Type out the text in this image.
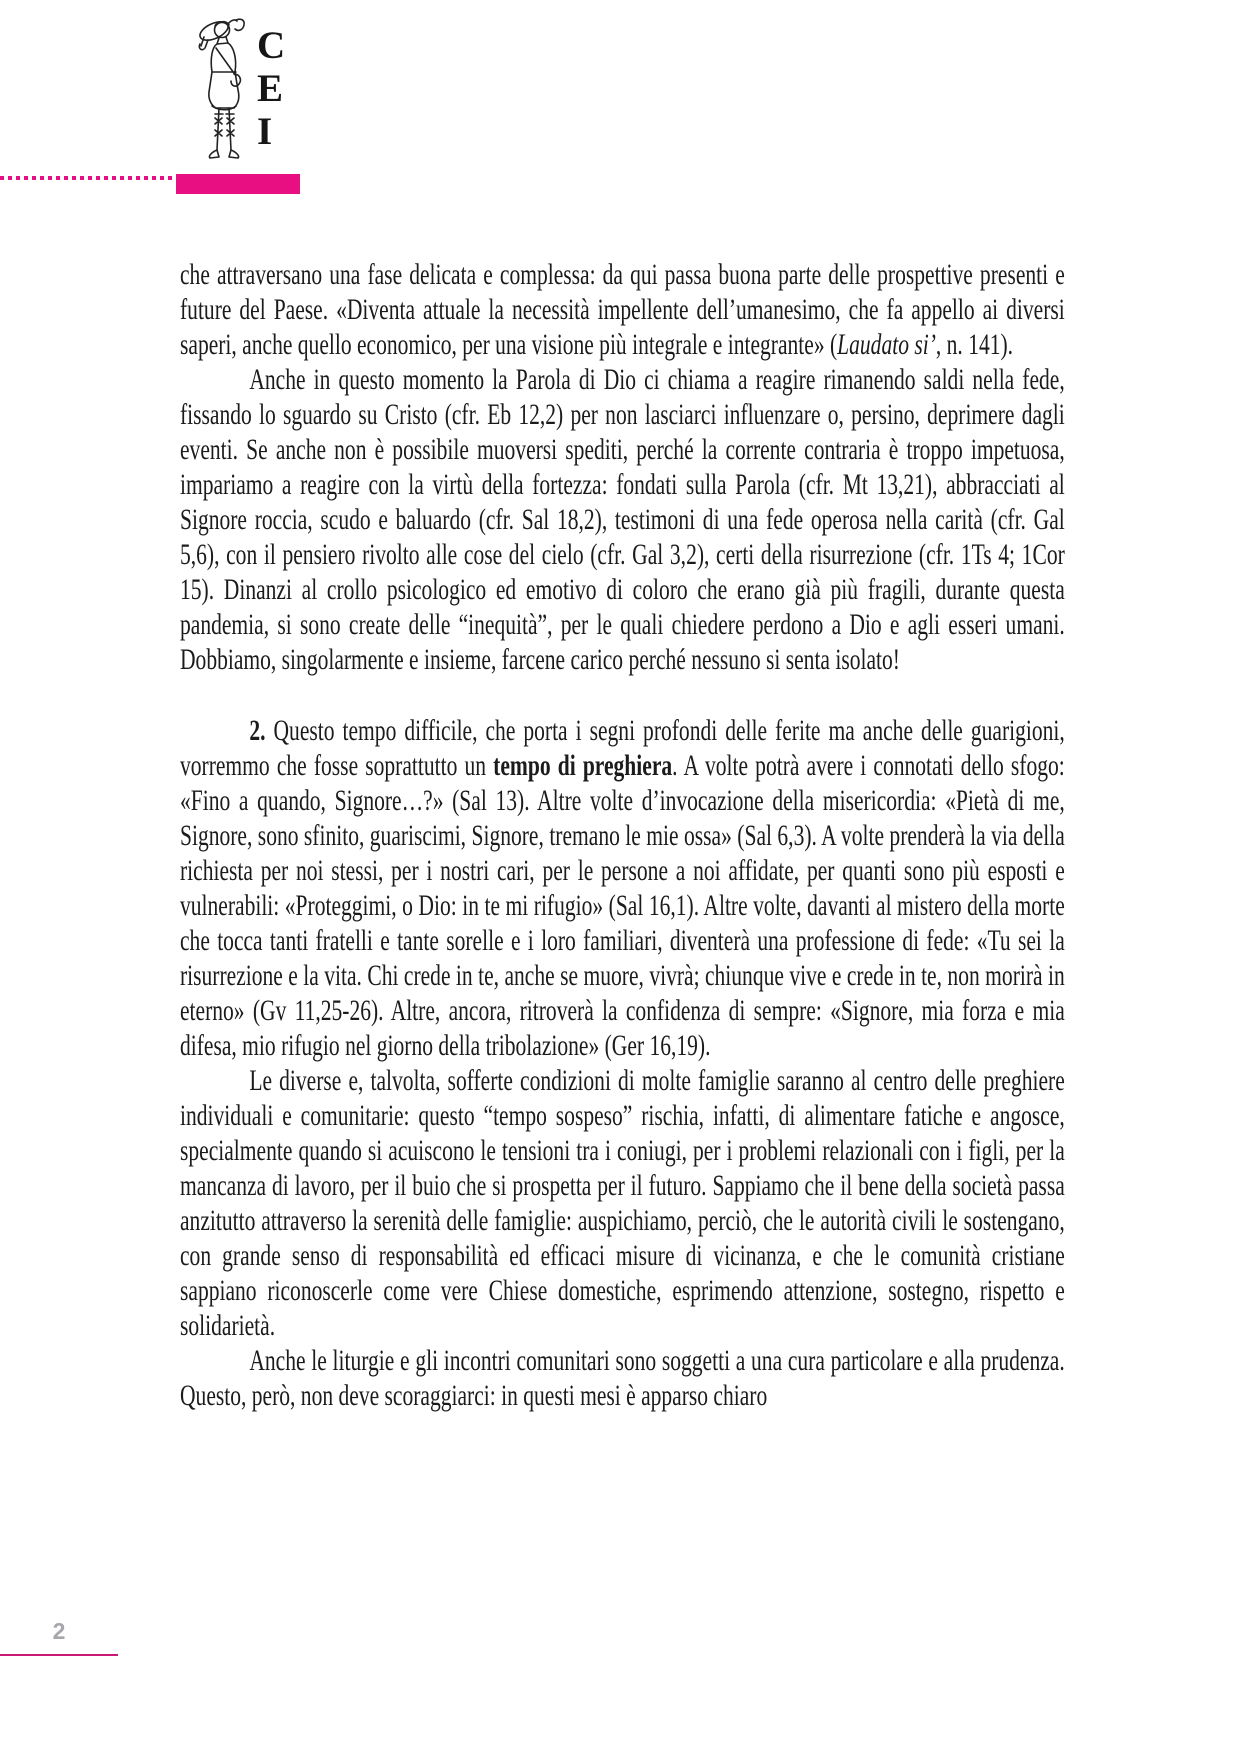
C
E
I

che attraversano una fase delicata e complessa: da qui passa buona parte delle prospettive presenti e future del Paese. «Diventa attuale la necessità impellente dell’umanesimo, che fa appello ai diversi saperi, anche quello economico, per una visione più integrale e integrante» (Laudato si’, n. 141).

Anche in questo momento la Parola di Dio ci chiama a reagire rimanendo saldi nella fede, fissando lo sguardo su Cristo (cfr. Eb 12,2) per non lasciarci influenzare o, persino, deprimere dagli eventi. Se anche non è possibile muoversi spediti, perché la corrente contraria è troppo impetuosa, impariamo a reagire con la virtù della fortezza: fondati sulla Parola (cfr. Mt 13,21), abbracciati al Signore roccia, scudo e baluardo (cfr. Sal 18,2), testimoni di una fede operosa nella carità (cfr. Gal 5,6), con il pensiero rivolto alle cose del cielo (cfr. Gal 3,2), certi della risurrezione (cfr. 1Ts 4; 1Cor 15). Dinanzi al crollo psicologico ed emotivo di coloro che erano già più fragili, durante questa pandemia, si sono create delle “inequità”, per le quali chiedere perdono a Dio e agli esseri umani. Dobbiamo, singolarmente e insieme, farcene carico perché nessuno si senta isolato!

2. Questo tempo difficile, che porta i segni profondi delle ferite ma anche delle guarigioni, vorremmo che fosse soprattutto un tempo di preghiera. A volte potrà avere i connotati dello sfogo: «Fino a quando, Signore…?» (Sal 13). Altre volte d’invocazione della misericordia: «Pietà di me, Signore, sono sfinito, guariscimi, Signore, tremano le mie ossa» (Sal 6,3). A volte prenderà la via della richiesta per noi stessi, per i nostri cari, per le persone a noi affidate, per quanti sono più esposti e vulnerabili: «Proteggimi, o Dio: in te mi rifugio» (Sal 16,1). Altre volte, davanti al mistero della morte che tocca tanti fratelli e tante sorelle e i loro familiari, diventerà una professione di fede: «Tu sei la risurrezione e la vita. Chi crede in te, anche se muore, vivrà; chiunque vive e crede in te, non morirà in eterno» (Gv 11,25-26). Altre, ancora, ritroverà la confidenza di sempre: «Signore, mia forza e mia difesa, mio rifugio nel giorno della tribolazione» (Ger 16,19).

Le diverse e, talvolta, sofferte condizioni di molte famiglie saranno al centro delle preghiere individuali e comunitarie: questo “tempo sospeso” rischia, infatti, di alimentare fatiche e angosce, specialmente quando si acuiscono le tensioni tra i coniugi, per i problemi relazionali con i figli, per la mancanza di lavoro, per il buio che si prospetta per il futuro. Sappiamo che il bene della società passa anzitutto attraverso la serenità delle famiglie: auspichiamo, perciò, che le autorità civili le sostengano, con grande senso di responsabilità ed efficaci misure di vicinanza, e che le comunità cristiane sappiano riconoscerle come vere Chiese domestiche, esprimendo attenzione, sostegno, rispetto e solidarietà.

Anche le liturgie e gli incontri comunitari sono soggetti a una cura particolare e alla prudenza. Questo, però, non deve scoraggiarci: in questi mesi è apparso chiaro

2
